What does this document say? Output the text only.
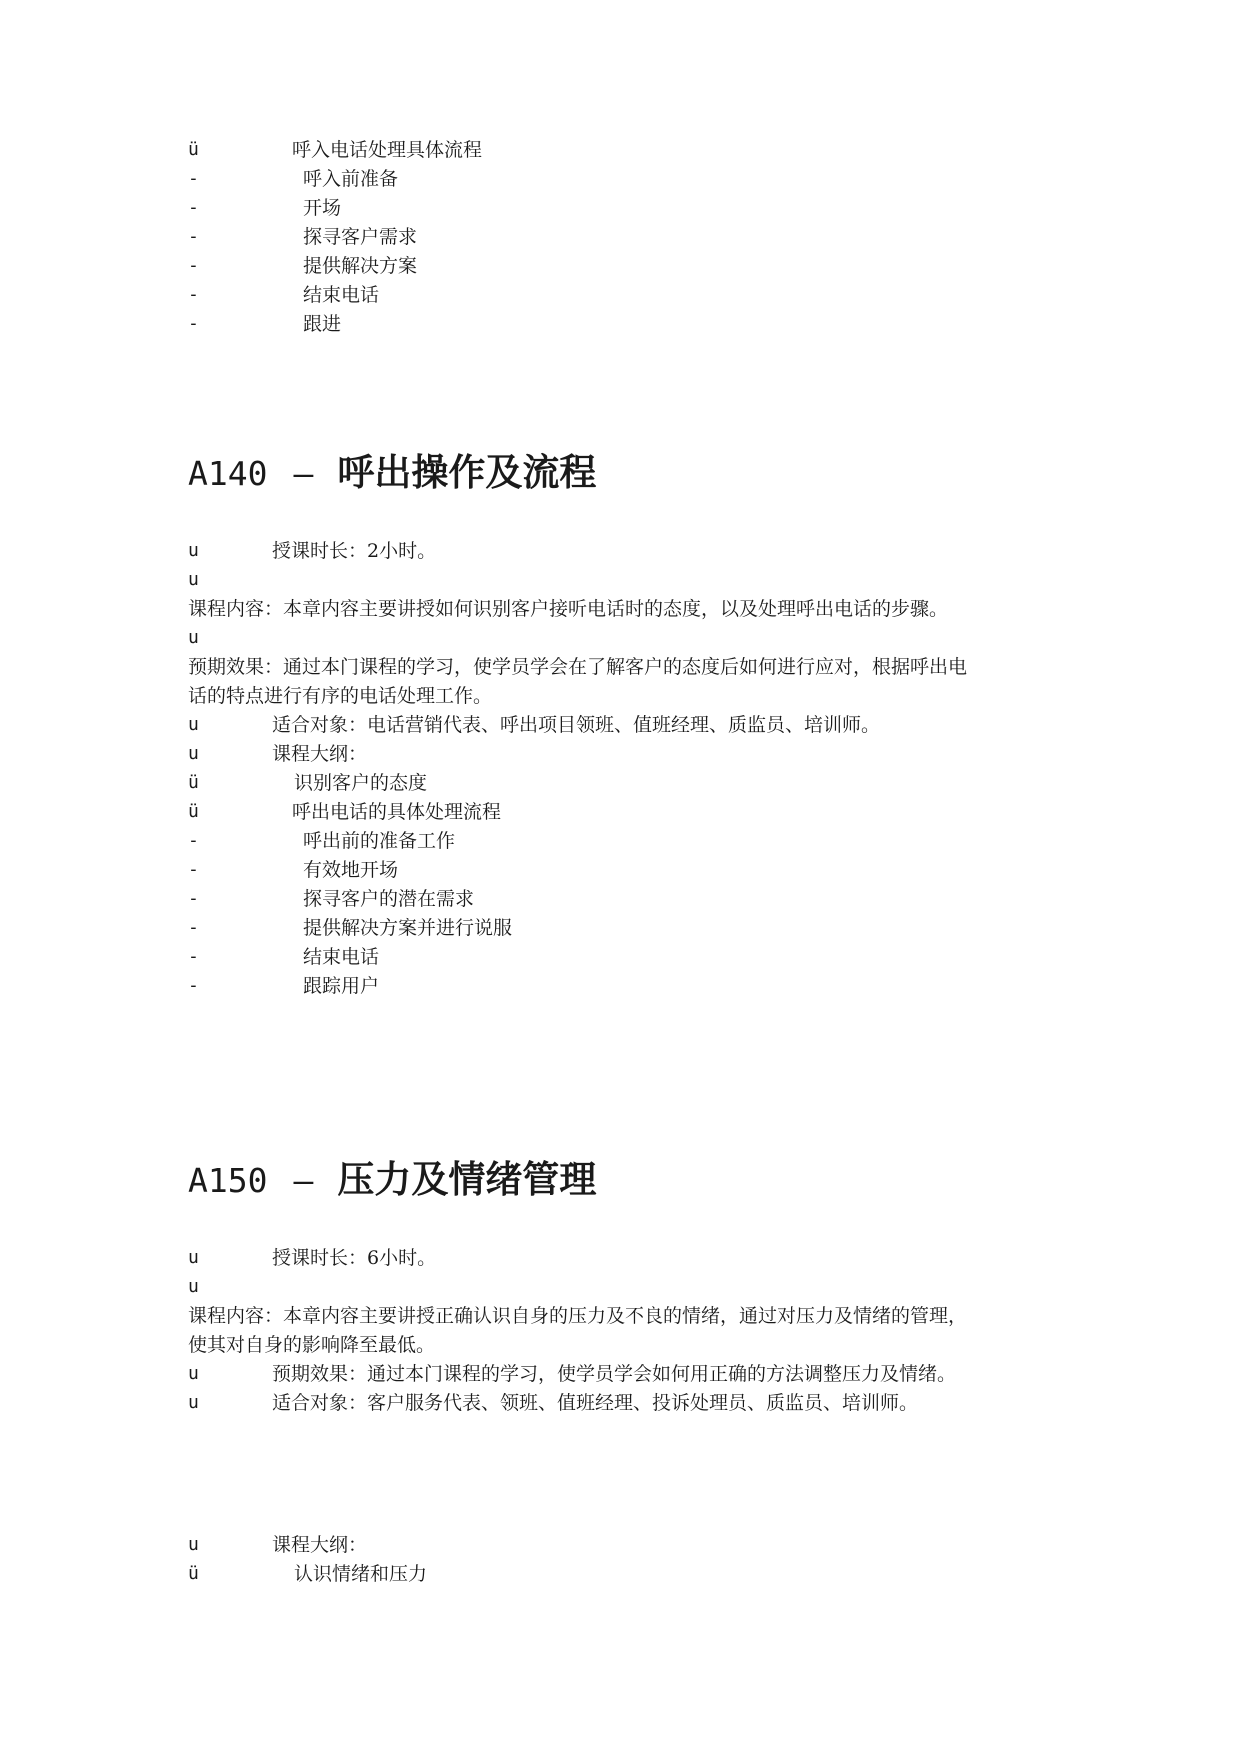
ü	呼入电话处理具体流程
-	呼入前准备
-	开场
-	探寻客户需求
-	提供解决方案
-	结束电话
-	跟进
A140 – 呼出操作及流程
u	授课时长：2小时。
u
课程内容：本章内容主要讲授如何识别客户接听电话时的态度，以及处理呼出电话的步骤。
u
预期效果：通过本门课程的学习，使学员学会在了解客户的态度后如何进行应对，根据呼出电
话的特点进行有序的电话处理工作。
u	适合对象：电话营销代表、呼出项目领班、值班经理、质监员、培训师。
u	课程大纲：
ü	识别客户的态度
ü	呼出电话的具体处理流程
-	呼出前的准备工作
-	有效地开场
-	探寻客户的潜在需求
-	提供解决方案并进行说服
-	结束电话
-	跟踪用户
A150 – 压力及情绪管理
u	授课时长：6小时。
u
课程内容：本章内容主要讲授正确认识自身的压力及不良的情绪，通过对压力及情绪的管理，
使其对自身的影响降至最低。
u	预期效果：通过本门课程的学习，使学员学会如何用正确的方法调整压力及情绪。
u	适合对象：客户服务代表、领班、值班经理、投诉处理员、质监员、培训师。
u	课程大纲：
ü	认识情绪和压力
